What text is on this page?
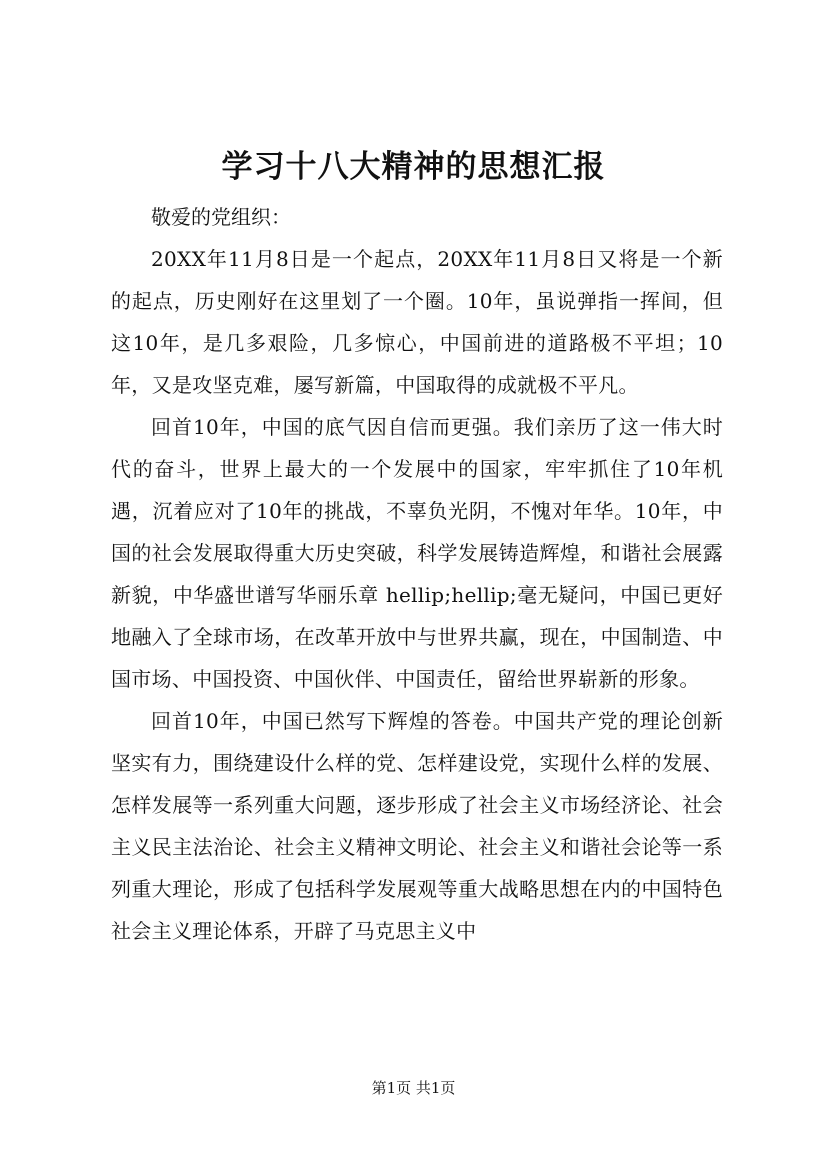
学习十八大精神的思想汇报

敬爱的党组织：

20XX年11月8日是一个起点，20XX年11月8日又将是一个新的起点，历史刚好在这里划了一个圈。10年，虽说弹指一挥间，但这10年，是几多艰险，几多惊心，中国前进的道路极不平坦；10年，又是攻坚克难，屡写新篇，中国取得的成就极不平凡。

回首10年，中国的底气因自信而更强。我们亲历了这一伟大时代的奋斗，世界上最大的一个发展中的国家，牢牢抓住了10年机遇，沉着应对了10年的挑战，不辜负光阴，不愧对年华。10年，中国的社会发展取得重大历史突破，科学发展铸造辉煌，和谐社会展露新貌，中华盛世谱写华丽乐章 hellip;hellip;毫无疑问，中国已更好地融入了全球市场，在改革开放中与世界共赢，现在，中国制造、中国市场、中国投资、中国伙伴、中国责任，留给世界崭新的形象。

回首10年，中国已然写下辉煌的答卷。中国共产党的理论创新坚实有力，围绕建设什么样的党、怎样建设党，实现什么样的发展、怎样发展等一系列重大问题，逐步形成了社会主义市场经济论、社会主义民主法治论、社会主义精神文明论、社会主义和谐社会论等一系列重大理论，形成了包括科学发展观等重大战略思想在内的中国特色社会主义理论体系，开辟了马克思主义中

第1页 共1页
